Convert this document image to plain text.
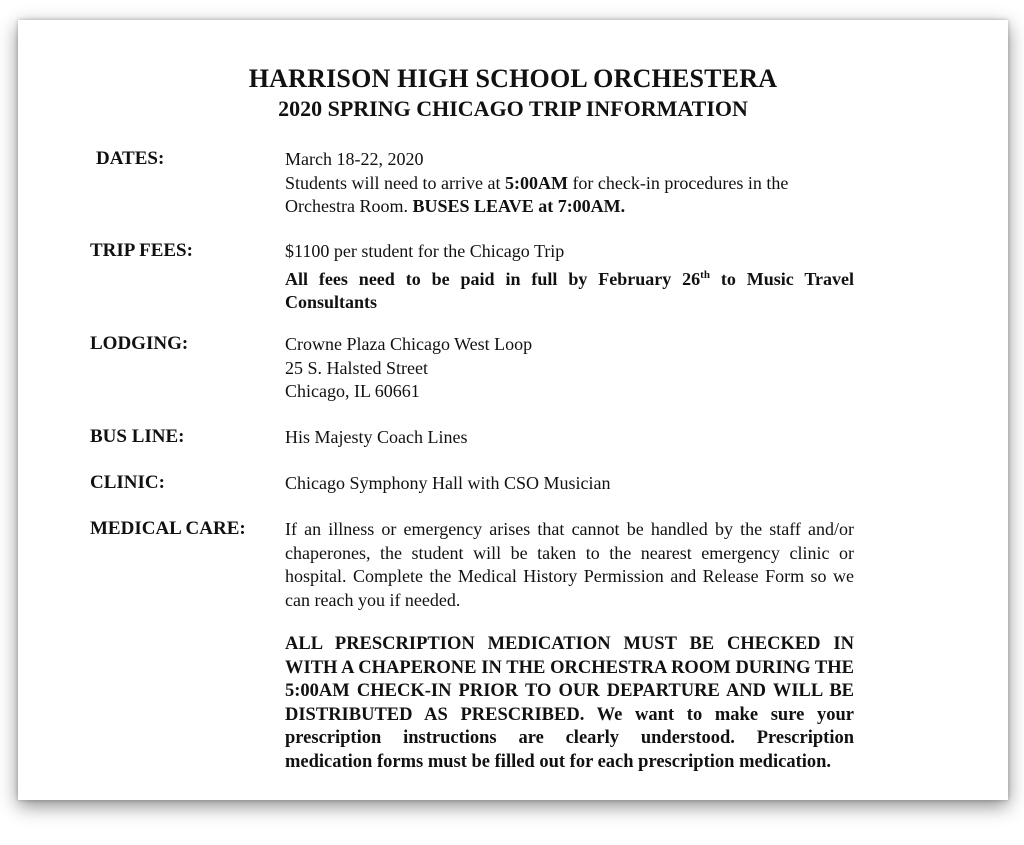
HARRISON HIGH SCHOOL ORCHESTERA
2020 SPRING CHICAGO TRIP INFORMATION
DATES:	March 18-22, 2020

Students will need to arrive at 5:00AM for check-in procedures in the Orchestra Room. BUSES LEAVE at 7:00AM.

TRIP FEES:	$1100 per student for the Chicago Trip

All fees need to be paid in full by February 26th to Music Travel Consultants

LODGING:	Crowne Plaza Chicago West Loop

25 S. Halsted Street

Chicago, IL 60661

BUS LINE:	His Majesty Coach Lines
CLINIC:	Chicago Symphony Hall with CSO Musician
MEDICAL CARE: If an illness or emergency arises that cannot be handled by the staff and/or chaperones, the student will be taken to the nearest emergency clinic or hospital. Complete the Medical History Permission and Release Form so we can reach you if needed.

ALL PRESCRIPTION MEDICATION MUST BE CHECKED IN WITH A CHAPERONE IN THE ORCHESTRA ROOM DURING THE 5:00AM CHECK-IN PRIOR TO OUR DEPARTURE AND WILL BE DISTRIBUTED AS PRESCRIBED. We want to make sure your prescription instructions are clearly understood. Prescription medication forms must be filled out for each prescription medication.
